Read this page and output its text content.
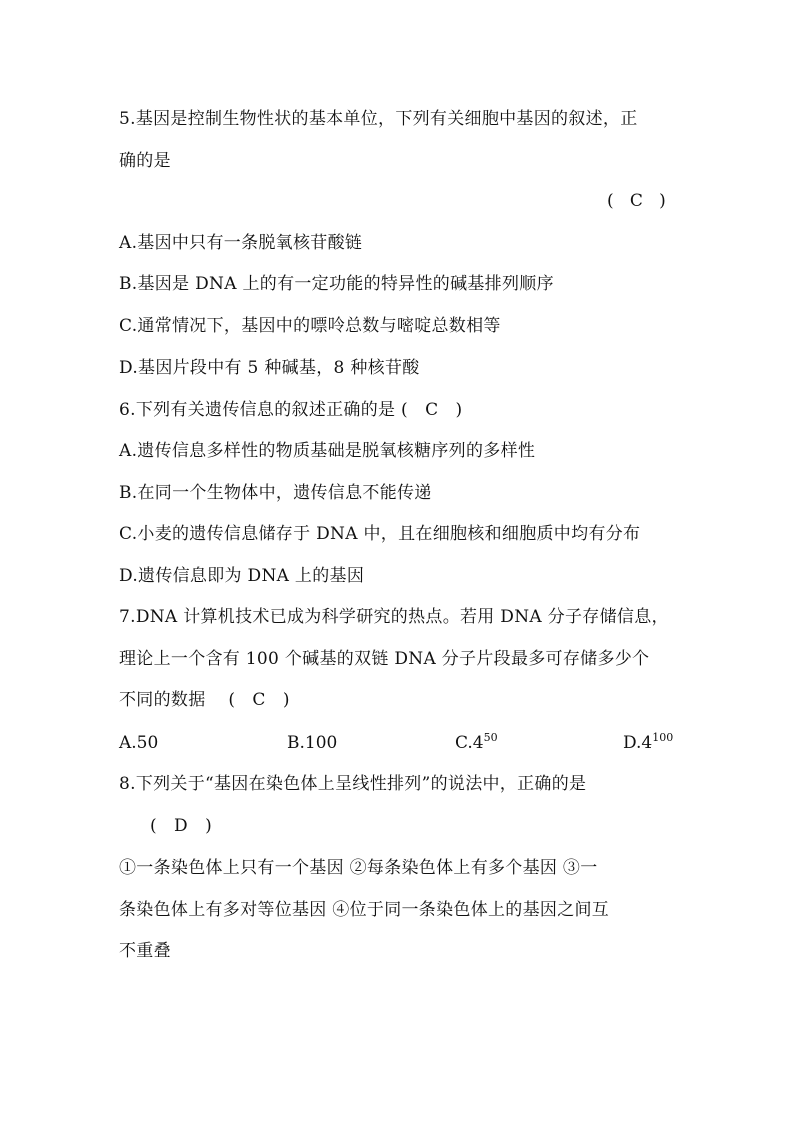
5.基因是控制生物性状的基本单位，下列有关细胞中基因的叙述，正
确的是
(   C   )
A.基因中只有一条脱氧核苷酸链
B.基因是 DNA 上的有一定功能的特异性的碱基排列顺序
C.通常情况下，基因中的嘌呤总数与嘧啶总数相等
D.基因片段中有 5 种碱基，8 种核苷酸
6.下列有关遗传信息的叙述正确的是 (   C   )
A.遗传信息多样性的物质基础是脱氧核糖序列的多样性
B.在同一个生物体中，遗传信息不能传递
C.小麦的遗传信息储存于 DNA 中，且在细胞核和细胞质中均有分布
D.遗传信息即为 DNA 上的基因
7.DNA 计算机技术已成为科学研究的热点。若用 DNA 分子存储信息，
理论上一个含有 100 个碱基的双链 DNA 分子片段最多可存储多少个
不同的数据 (   C   )
A.50	B.100	$C.4^{50}$	$D.4^{100}$
8.下列关于“基因在染色体上呈线性排列”的说法中，正确的是
(   D   )
①一条染色体上只有一个基因 ②每条染色体上有多个基因 ③一
条染色体上有多对等位基因 ④位于同一条染色体上的基因之间互
不重叠
